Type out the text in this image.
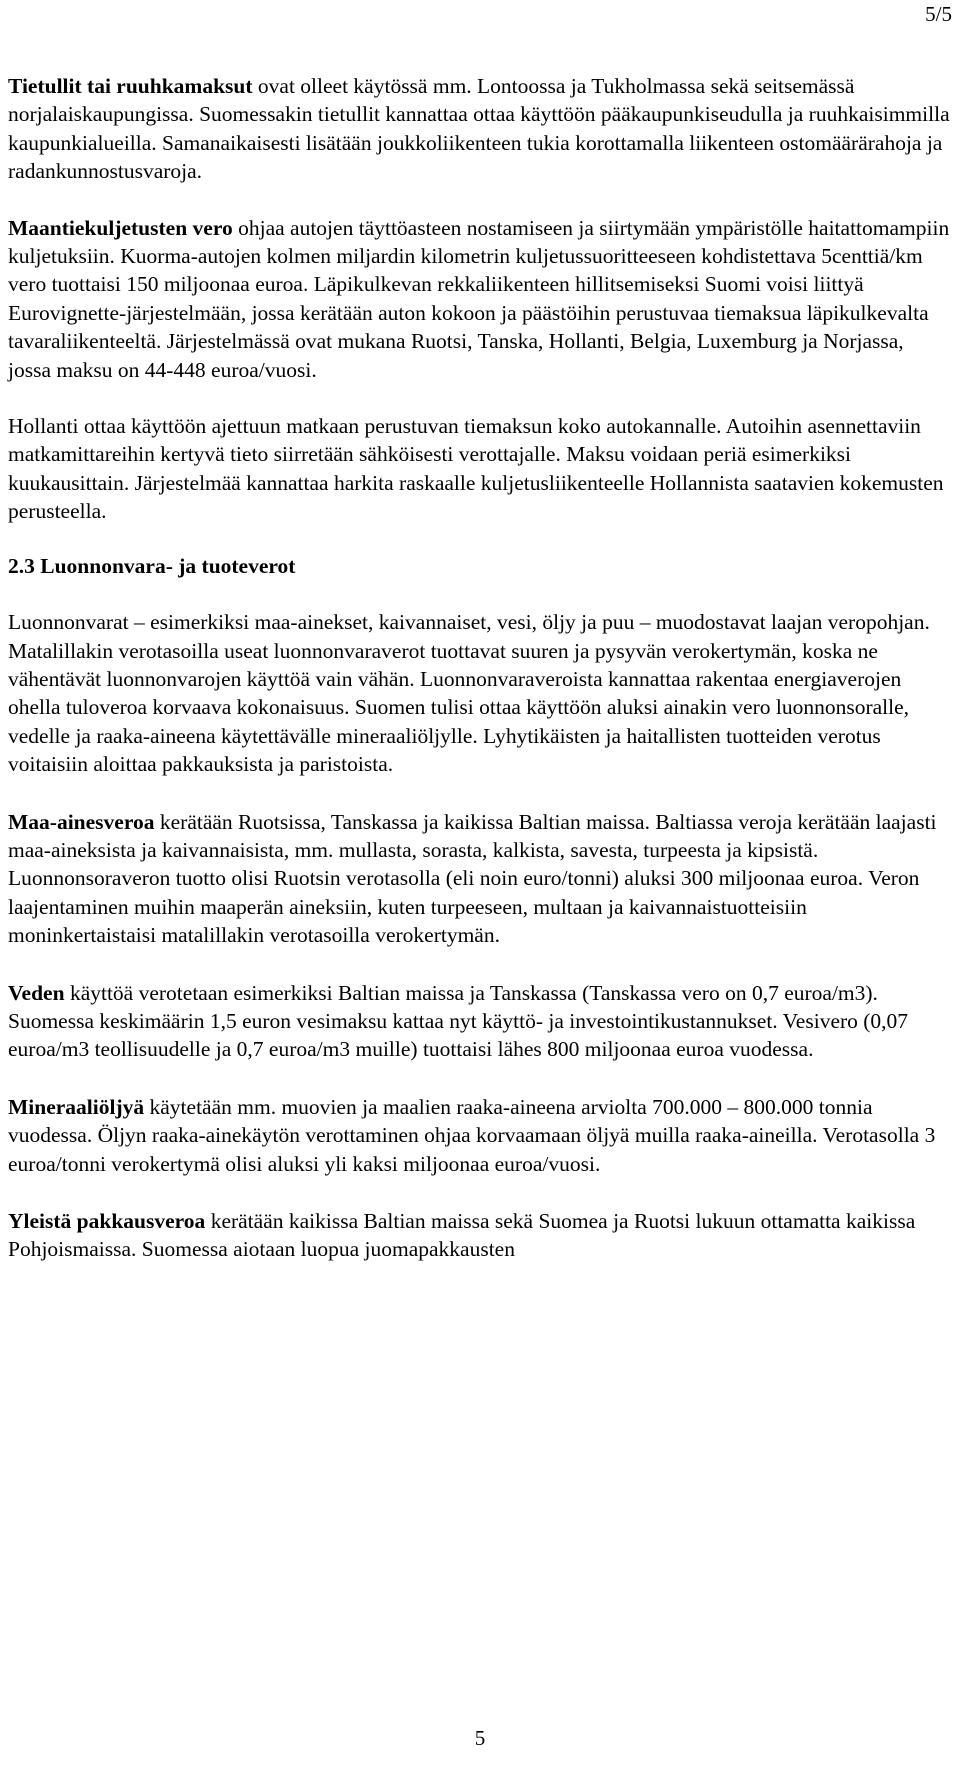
5/5

Tietullit tai ruuhkamaksut ovat olleet käytössä mm. Lontoossa ja Tukholmassa sekä seitsemässä norjalaiskaupungissa. Suomessakin tietullit kannattaa ottaa käyttöön pääkaupunkiseudulla ja ruuhkaisimmilla kaupunkialueilla. Samanaikaisesti lisätään joukkoliikenteen tukia korottamalla liikenteen ostomäärärahoja ja radankunnostusvaroja.

Maantiekuljetusten vero ohjaa autojen täyttöasteen nostamiseen ja siirtymään ympäristölle haitattomampiin kuljetuksiin. Kuorma-autojen kolmen miljardin kilometrin kuljetussuoritteeseen kohdistettava 5centtiä/km vero tuottaisi 150 miljoonaa euroa. Läpikulkevan rekkaliikenteen hillitsemiseksi Suomi voisi liittyä Eurovignette-järjestelmään, jossa kerätään auton kokoon ja päästöihin perustuvaa tiemaksua läpikulkevalta tavaraliikenteeltä. Järjestelmässä ovat mukana Ruotsi, Tanska, Hollanti, Belgia, Luxemburg ja Norjassa, jossa maksu on 44-448 euroa/vuosi.

Hollanti ottaa käyttöön ajettuun matkaan perustuvan tiemaksun koko autokannalle. Autoihin asennettaviin matkamittareihin kertyvä tieto siirretään sähköisesti verottajalle. Maksu voidaan periä esimerkiksi kuukausittain. Järjestelmää kannattaa harkita raskaalle kuljetusliikenteelle Hollannista saatavien kokemusten perusteella.

2.3 Luonnonvara- ja tuoteverot

Luonnonvarat – esimerkiksi maa-ainekset, kaivannaiset, vesi, öljy ja puu – muodostavat laajan veropohjan. Matalillakin verotasoilla useat luonnonvaraverot tuottavat suuren ja pysyvän verokertymän, koska ne vähentävät luonnonvarojen käyttöä vain vähän. Luonnonvaraveroista kannattaa rakentaa energiaverojen ohella tuloveroa korvaava kokonaisuus. Suomen tulisi ottaa käyttöön aluksi ainakin vero luonnonsoralle, vedelle ja raaka-aineena käytettävälle mineraaliöljylle. Lyhytikäisten ja haitallisten tuotteiden verotus voitaisiin aloittaa pakkauksista ja paristoista.

Maa-ainesveroa kerätään Ruotsissa, Tanskassa ja kaikissa Baltian maissa. Baltiassa veroja kerätään laajasti maa-aineksista ja kaivannaisista, mm. mullasta, sorasta, kalkista, savesta, turpeesta ja kipsistä. Luonnonsoraveron tuotto olisi Ruotsin verotasolla (eli noin euro/tonni) aluksi 300 miljoonaa euroa. Veron laajentaminen muihin maaperän aineksiin, kuten turpeeseen, multaan ja kaivannaistuotteisiin moninkertaistaisi matalillakin verotasoilla verokertymän.

Veden käyttöä verotetaan esimerkiksi Baltian maissa ja Tanskassa (Tanskassa vero on 0,7 euroa/m3). Suomessa keskimäärin 1,5 euron vesimaksu kattaa nyt käyttö- ja investointikustannukset. Vesivero (0,07 euroa/m3 teollisuudelle ja 0,7 euroa/m3 muille) tuottaisi lähes 800 miljoonaa euroa vuodessa.

Mineraaliöljyä käytetään mm. muovien ja maalien raaka-aineena arviolta 700.000 – 800.000 tonnia vuodessa. Öljyn raaka-ainekäytön verottaminen ohjaa korvaamaan öljyä muilla raaka-aineilla. Verotasolla 3 euroa/tonni verokertymä olisi aluksi yli kaksi miljoonaa euroa/vuosi.

Yleistä pakkausveroa kerätään kaikissa Baltian maissa sekä Suomea ja Ruotsi lukuun ottamatta kaikissa Pohjoismaissa. Suomessa aiotaan luopua juomapakkausten

5
